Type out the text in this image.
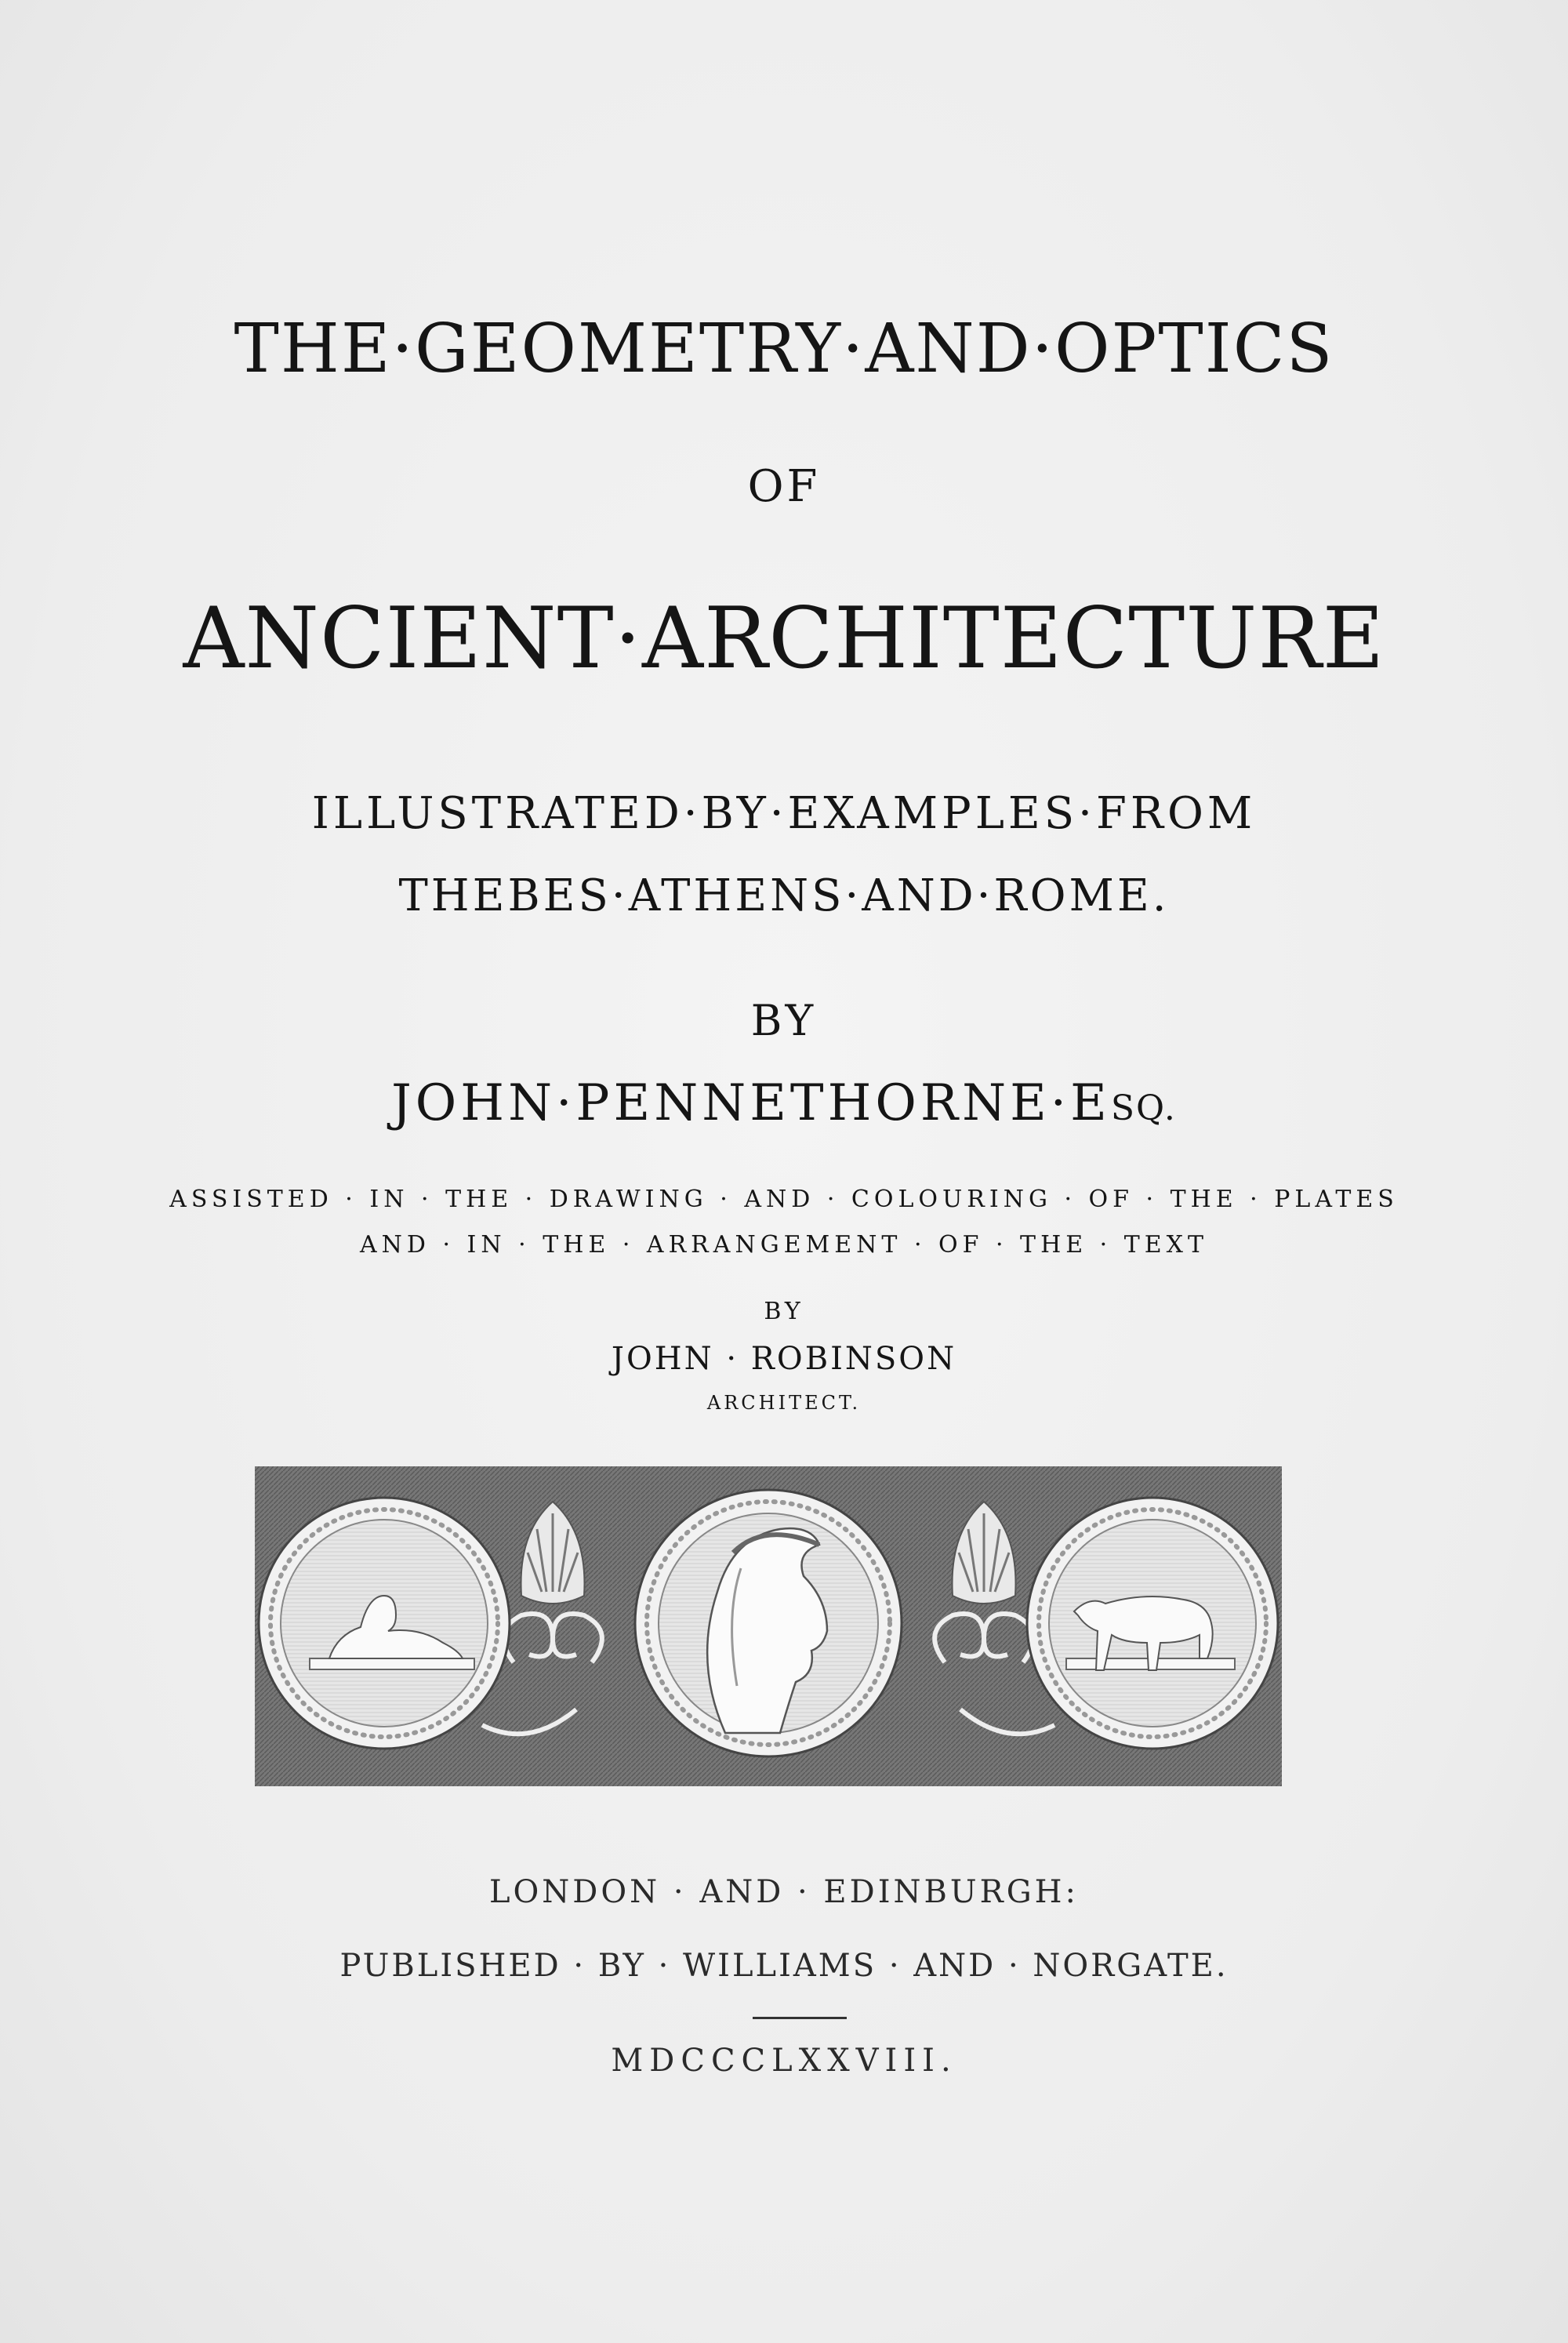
THE·GEOMETRY·AND·OPTICS
OF
ANCIENT·ARCHITECTURE
ILLUSTRATED·BY·EXAMPLES·FROM
THEBES·ATHENS·AND·ROME.
BY
JOHN·PENNETHORNE·ESQ.
ASSISTED · IN · THE · DRAWING · AND · COLOURING · OF · THE · PLATES
AND · IN · THE · ARRANGEMENT · OF · THE · TEXT
BY
JOHN · ROBINSON
ARCHITECT.
LONDON · AND · EDINBURGH:
PUBLISHED · BY · WILLIAMS · AND · NORGATE.
MDCCCLXXVIII.
